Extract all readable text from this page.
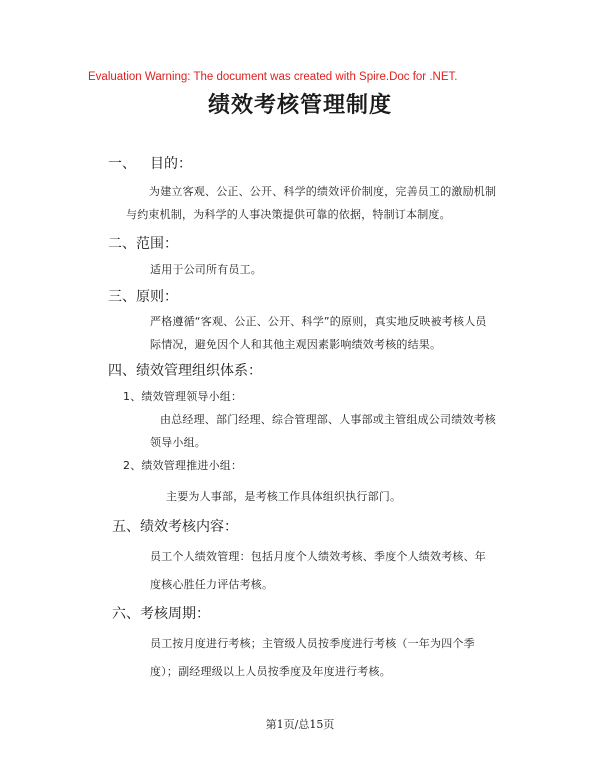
Evaluation Warning: The document was created with Spire.Doc for .NET.
绩效考核管理制度
一、 目的：
为建立客观、公正、公开、科学的绩效评价制度，完善员工的激励机制
与约束机制，为科学的人事决策提供可靠的依据，特制订本制度。
二、范围：
适用于公司所有员工。
三、原则：
严格遵循“客观、公正、公开、科学”的原则，真实地反映被考核人员
际情况，避免因个人和其他主观因素影响绩效考核的结果。
四、绩效管理组织体系：
1、绩效管理领导小组：
由总经理、部门经理、综合管理部、人事部或主管组成公司绩效考核
领导小组。
2、绩效管理推进小组：
主要为人事部，是考核工作具体组织执行部门。
五、绩效考核内容：
员工个人绩效管理：包括月度个人绩效考核、季度个人绩效考核、年
度核心胜任力评估考核。
六、考核周期：
员工按月度进行考核；主管级人员按季度进行考核（一年为四个季
度）；副经理级以上人员按季度及年度进行考核。
第1页/总15页
